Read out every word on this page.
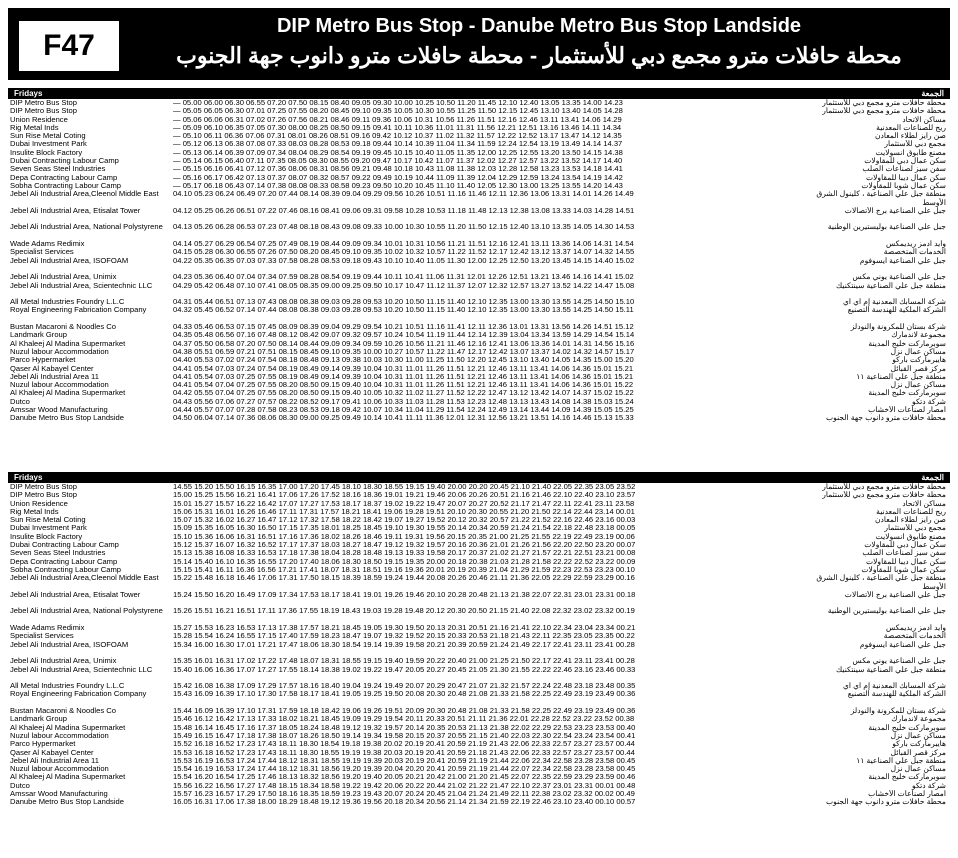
F47
DIP Metro Bus Stop - Danube Metro Bus Stop Landside
محطة حافلات مترو مجمع دبي للأستثمار - محطة حافلات مترو دانوب جهة الجنوب
Fridays	الجمعة
DIP Metro Bus Stop	— 05.00 06.00 06.30 06.55 07.20 07.50 08.15 08.40 09.05 09.30 10.00 10.25 10.50 11.20 11.45 12.10 12.40 13.05 13.35 14.00 14.23	محطة حافلات مترو مجمع دبي للأستثمار
DIP Metro Bus Stop	— 05.05 06.05 06.30 07.01 07.25 07.55 08.20 08.45 09.10 09.35 10.05 10.30 10.55 11.25 11.50 12.15 12.45 13.10 13.40 14.05 14.28	محطة حافلات مترو مجمع دبي للأستثمار
Union Residence	— 05.06 06.06 06.31 07.02 07.26 07.56 08.21 08.46 09.11 09.36 10.06 10.31 10.56 11.26 11.51 12.16 12.46 13.11 13.41 14.06 14.29	مساكن الاتحاد
Rig Metal Inds	— 05.09 06.10 06.35 07.05 07.30 08.00 08.25 08.50 09.15 09.41 10.11 10.36 11.01 11.31 11.56 12.21 12.51 13.16 13.46 14.11 14.34	ريج للصناعات المعدنية
Sun Rise Metal Coting	— 05.10 06.11 06.36 07.06 07.31 08.01 08.26 08.51 09.16 09.42 10.12 10.37 11.02 11.32 11.57 12.22 12.52 13.17 13.47 14.12 14.35	صن رايز لطلاء المعادن
Dubai Investment Park	— 05.12 06.13 06.38 07.08 07.33 08.03 08.28 08.53 09.18 09.44 10.14 10.39 11.04 11.34 11.59 12.24 12.54 13.19 13.49 14.14 14.37	مجمع دبي للأستثمار
Insulite Block Factory	— 05.13 06.14 06.39 07.09 07.34 08.04 08.29 08.54 09.19 09.45 10.15 10.40 11.05 11.35 12.00 12.25 12.55 13.20 13.50 14.15 14.38	مصنع طابوق انسولايت
Dubai Contracting Labour Camp	— 05.14 06.15 06.40 07.11 07.35 08.05 08.30 08.55 09.20 09.47 10.17 10.42 11.07 11.37 12.02 12.27 12.57 13.22 13.52 14.17 14.40	سكن عمال دبي للمقاولات
Seven Seas Steel Industries	— 05.15 06.16 06.41 07.12 07.36 08.06 08.31 08.56 09.21 09.48 10.18 10.43 11.08 11.38 12.03 12.28 12.58 13.23 13.53 14.18 14.41	سفن سيز لصناعات الصلب
Depa Contracting Labour Camp	— 05.16 06.17 06.42 07.13 07.37 08.07 08.32 08.57 09.22 09.49 10.19 10.44 11.09 11.39 12.04 12.29 12.59 13.24 13.54 14.19 14.42	سكن عمال ديبا للمقاولات
Sobha Contracting Labour Camp	— 05.17 06.18 06.43 07.14 07.38 08.08 08.33 08.58 09.23 09.50 10.20 10.45 11.10 11.40 12.05 12.30 13.00 13.25 13.55 14.20 14.43	سكن عمال شوبا للمقاولات
Jebel Ali Industrial Area,Cleenol Middle East	04.10 05.23 06.24 06.49 07.20 07.44 08.14 08.39 09.04 09.29 09.56 10.26 10.51 11.16 11.46 12.11 12.36 13.06 13.31 14.01 14.26 14.49	منطقة جبل علي الصناعية ، كلينول الشرق الأوسط
Jebel Ali Industrial Area, Etisalat Tower	04.12 05.25 06.26 06.51 07.22 07.46 08.16 08.41 09.06 09.31 09.58 10.28 10.53 11.18 11.48 12.13 12.38 13.08 13.33 14.03 14.28 14.51	جبل علي الصناعية برج الأتصالات
Jebel Ali Industrial Area, National Polystyrene	04.13 05.26 06.28 06.53 07.23 07.48 08.18 08.43 09.08 09.33 10.00 10.30 10.55 11.20 11.50 12.15 12.40 13.10 13.35 14.05 14.30 14.53	جبل علي الصناعية بوليستيرين الوطنية
Wade Adams Redimix	04.14 05.27 06.29 06.54 07.25 07.49 08.19 08.44 09.09 09.34 10.01 10.31 10.56 11.21 11.51 12.16 12.41 13.11 13.36 14.06 14.31 14.54	وايد آدمز ريديمكس
Specialist Services	04.15 05.28 06.30 06.55 07.26 07.50 08.20 08.45 09.10 09.35 10.02 10.32 10.57 11.22 11.52 12.17 12.42 13.12 13.37 14.07 14.32 14.55	الخدمات المتخصصة
Jebel Ali Industrial Area, ISOFOAM	04.22 05.35 06.35 07.03 07.33 07.58 08.28 08.53 09.18 09.43 10.10 10.40 11.05 11.30 12.00 12.25 12.50 13.20 13.45 14.15 14.40 15.02	جبل علي الصناعية أيسوفوم
Jebel Ali Industrial Area, Unimix	04.23 05.36 06.40 07.04 07.34 07.59 08.28 08.54 09.19 09.44 10.11 10.41 11.06 11.31 12.01 12.26 12.51 13.21 13.46 14.16 14.41 15.02	جبل علي الصناعية يوني مكس
Jebel Ali Industrial Area, Scientechnic LLC	04.29 05.42 06.48 07.10 07.41 08.05 08.35 09.00 09.25 09.50 10.17 10.47 11.12 11.37 12.07 12.32 12.57 13.27 13.52 14.22 14.47 15.08	منطقة جبل علي الصناعية سينتكنيك
All Metal Industries Foundry L.L.C	04.31 05.44 06.51 07.13 07.43 08.08 08.38 09.03 09.28 09.53 10.20 10.50 11.15 11.40 12.10 12.35 13.00 13.30 13.55 14.25 14.50 15.10	شركة المسابك المعدنية إم آي آي
Royal Engineering Fabrication Company	04.32 05.45 06.52 07.14 07.44 08.08 08.38 09.03 09.28 09.53 10.20 10.50 11.15 11.40 12.10 12.35 13.00 13.30 13.55 14.25 14.50 15.11	الشركة الملكية للهندسة التصنيع
Bustan Macaroni & Noodles Co	04.33 05.46 06.53 07.15 07.45 08.09 08.39 09.04 09.29 09.54 10.21 10.51 11.16 11.41 12.11 12.36 13.01 13.31 13.56 14.26 14.51 15.12	شركة بستان للمكرونة والنودلز
Landmark Group	04.35 05.48 06.56 07.16 07.48 08.12 08.42 09.07 09.32 09.57 10.24 10.54 11.19 11.44 12.14 12.39 13.04 13.34 13.59 14.29 14.54 15.14	مجموعة لاندمارك
Al Khaleej Al Madina Supermarket	04.37 05.50 06.58 07.20 07.50 08.14 08.44 09.09 09.34 09.59 10.26 10.56 11.21 11.46 12.16 12.41 13.06 13.36 14.01 14.31 14.56 15.16	سوبرماركت خليج المدينة
Nuzul labour Accommodation	04.38 05.51 06.59 07.21 07.51 08.15 08.45 09.10 09.35 10.00 10.27 10.57 11.22 11.47 12.17 12.42 13.07 13.37 14.02 14.32 14.57 15.17	مساكن عمال نزل
Parco Hypermarket	04.40 05.53 07.02 07.24 07.54 08.18 08.48 09.13 09.38 10.03 10.30 11.00 11.25 11.50 12.20 12.45 13.10 13.40 14.05 14.35 15.00 15.20	هايبرماركت باركو
Qaser Al Kabayel Center	04.41 05.54 07.03 07.24 07.54 08.19 08.49 09.14 09.39 10.04 10.31 11.01 11.26 11.51 12.21 12.46 13.11 13.41 14.06 14.36 15.01 15.21	مركز قصر القبائل
Jebel Ali Industrial Area 11	04.41 05.54 07.03 07.25 07.55 08.19 08.49 09.14 09.39 10.04 10.31 11.01 11.26 11.51 12.21 12.46 13.11 13.41 14.06 14.36 15.01 15.21	منطقة جبل علي الصناعية ١١
Nuzul labour Accommodation	04.41 05.54 07.04 07.25 07.55 08.20 08.50 09.15 09.40 10.04 10.31 11.01 11.26 11.51 12.21 12.46 13.11 13.41 14.06 14.36 15.01 15.22	مساكن عمال نزل
Al Khaleej Al Madina Supermarket	04.42 05.55 07.04 07.25 07.55 08.20 08.50 09.15 09.40 10.05 10.32 11.02 11.27 11.52 12.22 12.47 13.12 13.42 14.07 14.37 15.02 15.22	سوبرماركت خليج المدينة
Dutco	04.43 05.56 07.06 07.27 07.57 08.22 08.52 09.17 09.41 10.06 10.33 11.03 11.28 11.53 12.23 12.48 13.13 13.43 14.08 14.38 15.03 15.24	شركة دتكو
Amssar Wood Manufacturing	04.44 05.57 07.07 07.28 07.58 08.23 08.53 09.18 09.42 10.07 10.34 11.04 11.29 11.54 12.24 12.49 13.14 13.44 14.09 14.39 15.05 15.25	أمصار لصناعات الأخشاب
Danube Metro Bus Stop Landside	04.50 06.04 07.14 07.36 08.06 08.30 09.00 09.25 09.49 10.14 10.41 11.11 11.36 12.01 12.31 12.56 13.21 13.51 14.16 14.46 15.13 15.33	محطة حافلات مترو دانوب جهة الجنوب
Fridays	الجمعة
DIP Metro Bus Stop	14.55 15.20 15.50 16.15 16.35 17.00 17.20 17.45 18.10 18.30 18.55 19.15 19.40 20.00 20.20 20.45 21.10 21.40 22.05 22.35 23.05 23.52	محطة حافلات مترو مجمع دبي للأستثمار
DIP Metro Bus Stop	15.00 15.25 15.56 16.21 16.41 17.06 17.26 17.52 18.16 18.36 19.01 19.21 19.46 20.06 20.26 20.51 21.16 21.46 22.10 22.40 23.10 23.57	محطة حافلات مترو مجمع دبي للأستثمار
Union Residence	15.01 15.27 15.57 16.22 16.42 17.07 17.27 17.53 18.17 18.37 19.02 19.22 19.47 20.07 20.27 20.52 21.17 21.47 22.11 22.41 23.11 23.58	مساكن الاتحاد
Rig Metal Inds	15.06 15.31 16.01 16.26 16.46 17.11 17.31 17.57 18.21 18.41 19.06 19.28 19.51 20.10 20.30 20.55 21.20 21.50 22.14 22.44 23.14 00.01	ريج للصناعات المعدنية
Sun Rise Metal Coting	15.07 15.32 16.02 16.27 16.47 17.12 17.32 17.58 18.22 18.42 19.07 19.27 19.52 20.12 20.32 20.57 21.22 21.52 22.16 22.46 23.16 00.03	صن رايز لطلاء المعادن
Dubai Investment Park	15.09 15.35 16.05 16.30 16.50 17.15 17.35 18.01 18.25 18.45 19.10 19.30 19.55 20.14 20.34 20.59 21.24 21.54 22.18 22.48 23.18 00.05	مجمع دبي للأستثمار
Insulite Block Factory	15.10 15.36 16.06 16.31 16.51 17.16 17.36 18.02 18.26 18.46 19.11 19.31 19.56 20.15 20.35 21.00 21.25 21.55 22.19 22.49 23.19 00.06	مصنع طابوق انسولايت
Dubai Contracting Labour Camp	15.12 15.37 16.07 16.32 16.52 17.17 17.37 18.03 18.27 18.47 19.12 19.32 19.57 20.16 20.36 21.01 21.26 21.56 22.20 22.50 23.20 00.07	سكن عمال دبي للمقاولات
Seven Seas Steel Industries	15.13 15.38 16.08 16.33 16.53 17.18 17.38 18.04 18.28 18.48 19.13 19.33 19.58 20.17 20.37 21.02 21.27 21.57 22.21 22.51 23.21 00.08	سفن سيز لصناعات الصلب
Depa Contracting Labour Camp	15.14 15.40 16.10 16.35 16.55 17.20 17.40 18.06 18.30 18.50 19.15 19.35 20.00 20.18 20.38 21.03 21.28 21.58 22.22 22.52 23.22 00.09	سكن عمال ديبا للمقاولات
Sobha Contracting Labour Camp	15.15 15.41 16.11 16.36 16.56 17.21 17.41 18.07 18.31 18.51 19.16 19.36 20.01 20.19 20.39 21.04 21.29 21.59 22.23 22.53 23.23 00.10	سكن عمال شوبا للمقاولات
Jebel Ali Industrial Area,Cleenol Middle East	15.22 15.48 16.18 16.46 17.06 17.31 17.50 18.15 18.39 18.59 19.24 19.44 20.08 20.26 20.46 21.11 21.36 22.05 22.29 22.59 23.29 00.16	منطقة جبل علي الصناعية ، كلينول الشرق الأوسط
Jebel Ali Industrial Area, Etisalat Tower	15.24 15.50 16.20 16.49 17.09 17.34 17.53 18.17 18.41 19.01 19.26 19.46 20.10 20.28 20.48 21.13 21.38 22.07 22.31 23.01 23.31 00.18	جبل علي الصناعية برج الأتصالات
Jebel Ali Industrial Area, National Polystyrene	15.26 15.51 16.21 16.51 17.11 17.36 17.55 18.19 18.43 19.03 19.28 19.48 20.12 20.30 20.50 21.15 21.40 22.08 22.32 23.02 23.32 00.19	جبل علي الصناعية بوليستيرين الوطنية
Wade Adams Redimix	15.27 15.53 16.23 16.53 17.13 17.38 17.57 18.21 18.45 19.05 19.30 19.50 20.13 20.31 20.51 21.16 21.41 22.10 22.34 23.04 23.34 00.21	وايد آدمز ريديمكس
Specialist Services	15.28 15.54 16.24 16.55 17.15 17.40 17.59 18.23 18.47 19.07 19.32 19.52 20.15 20.33 20.53 21.18 21.43 22.11 22.35 23.05 23.35 00.22	الخدمات المتخصصة
Jebel Ali Industrial Area, ISOFOAM	15.34 16.00 16.30 17.01 17.21 17.47 18.06 18.30 18.54 19.14 19.39 19.58 20.21 20.39 20.59 21.24 21.49 22.17 22.41 23.11 23.41 00.28	جبل علي الصناعية أيسوفوم
Jebel Ali Industrial Area, Unimix	15.35 16.01 16.31 17.02 17.22 17.48 18.07 18.31 18.55 19.15 19.40 19.59 20.22 20.40 21.00 21.25 21.50 22.17 22.41 23.11 23.41 00.28	جبل علي الصناعية يوني مكس
Jebel Ali Industrial Area, Scientechnic LLC	15.40 16.06 16.36 17.07 17.27 17.55 18.14 18.38 19.02 19.22 19.47 20.05 20.27 20.45 21.05 21.30 21.55 22.22 22.46 23.16 23.46 00.33	منطقة جبل علي الصناعية سينتكنيك
All Metal Industries Foundry L.L.C	15.42 16.08 16.38 17.09 17.29 17.57 18.16 18.40 19.04 19.24 19.49 20.07 20.29 20.47 21.07 21.32 21.57 22.24 22.48 23.18 23.48 00.35	شركة المسابك المعدنية إم آي آي
Royal Engineering Fabrication Company	15.43 16.09 16.39 17.10 17.30 17.58 18.17 18.41 19.05 19.25 19.50 20.08 20.30 20.48 21.08 21.33 21.58 22.25 22.49 23.19 23.49 00.36	الشركة الملكية للهندسة التصنيع
Bustan Macaroni & Noodles Co	15.44 16.09 16.39 17.10 17.31 17.59 18.18 18.42 19.06 19.26 19.51 20.09 20.30 20.48 21.08 21.33 21.58 22.25 22.49 23.19 23.49 00.36	شركة بستان للمكرونة والنودلز
Landmark Group	15.46 16.12 16.42 17.13 17.33 18.02 18.21 18.45 19.09 19.29 19.54 20.11 20.33 20.51 21.11 21.36 22.01 22.28 22.52 23.22 23.52 00.38	مجموعة لاندمارك
Al Khaleej Al Madina Supermarket	15.48 16.14 16.45 17.16 17.37 18.05 18.24 18.48 19.12 19.32 19.57 20.14 20.35 20.53 21.13 21.38 22.02 22.29 22.53 23.23 23.53 00.40	سوبرماركت خليج المدينة
Nuzul labour Accommodation	15.49 16.15 16.47 17.18 17.38 18.07 18.26 18.50 19.14 19.34 19.58 20.15 20.37 20.55 21.15 21.40 22.03 22.30 22.54 23.24 23.54 00.41	مساكن عمال نزل
Parco Hypermarket	15.52 16.18 16.52 17.23 17.43 18.11 18.30 18.54 19.18 19.38 20.02 20.19 20.41 20.59 21.19 21.43 22.06 22.33 22.57 23.27 23.57 00.44	هايبرماركت باركو
Qaser Al Kabayel Center	15.53 16.18 16.52 17.23 17.43 18.11 18.30 18.55 19.19 19.38 20.03 20.19 20.41 20.59 21.18 21.43 22.06 22.33 22.57 23.27 23.57 00.44	مركز قصر القبائل
Jebel Ali Industrial Area 11	15.53 16.19 16.53 17.24 17.44 18.12 18.31 18.55 19.19 19.39 20.03 20.19 20.41 20.59 21.19 21.44 22.06 22.34 22.58 23.28 23.58 00.45	منطقة جبل علي الصناعية ١١
Nuzul labour Accommodation	15.54 16.19 16.53 17.24 17.44 18.12 18.31 18.56 19.20 19.39 20.04 20.20 20.41 20.59 21.19 21.44 22.07 22.34 22.58 23.28 23.58 00.45	مساكن عمال نزل
Al Khaleej Al Madina Supermarket	15.54 16.20 16.54 17.25 17.46 18.13 18.32 18.56 19.20 19.40 20.05 20.21 20.42 21.00 21.20 21.45 22.07 22.35 22.59 23.29 23.59 00.46	سوبرماركت خليج المدينة
Dutco	15.56 16.22 16.56 17.27 17.48 18.15 18.34 18.58 19.22 19.42 20.06 20.22 20.44 21.02 21.22 21.47 22.10 22.37 23.01 23.31 00.01 00.48	شركة دتكو
Amssar Wood Manufacturing	15.57 16.23 16.57 17.29 17.50 18.16 18.35 18.59 19.23 19.43 20.07 20.24 20.45 21.04 21.24 21.49 22.11 22.38 23.02 23.32 00.02 00.49	أمصار لصناعات الأخشاب
Danube Metro Bus Stop Landside	16.05 16.31 17.06 17.38 18.00 18.29 18.48 19.12 19.36 19.56 20.18 20.34 20.56 21.14 21.34 21.59 22.19 22.46 23.10 23.40 00.10 00.57	محطة حافلات مترو دانوب جهة الجنوب
